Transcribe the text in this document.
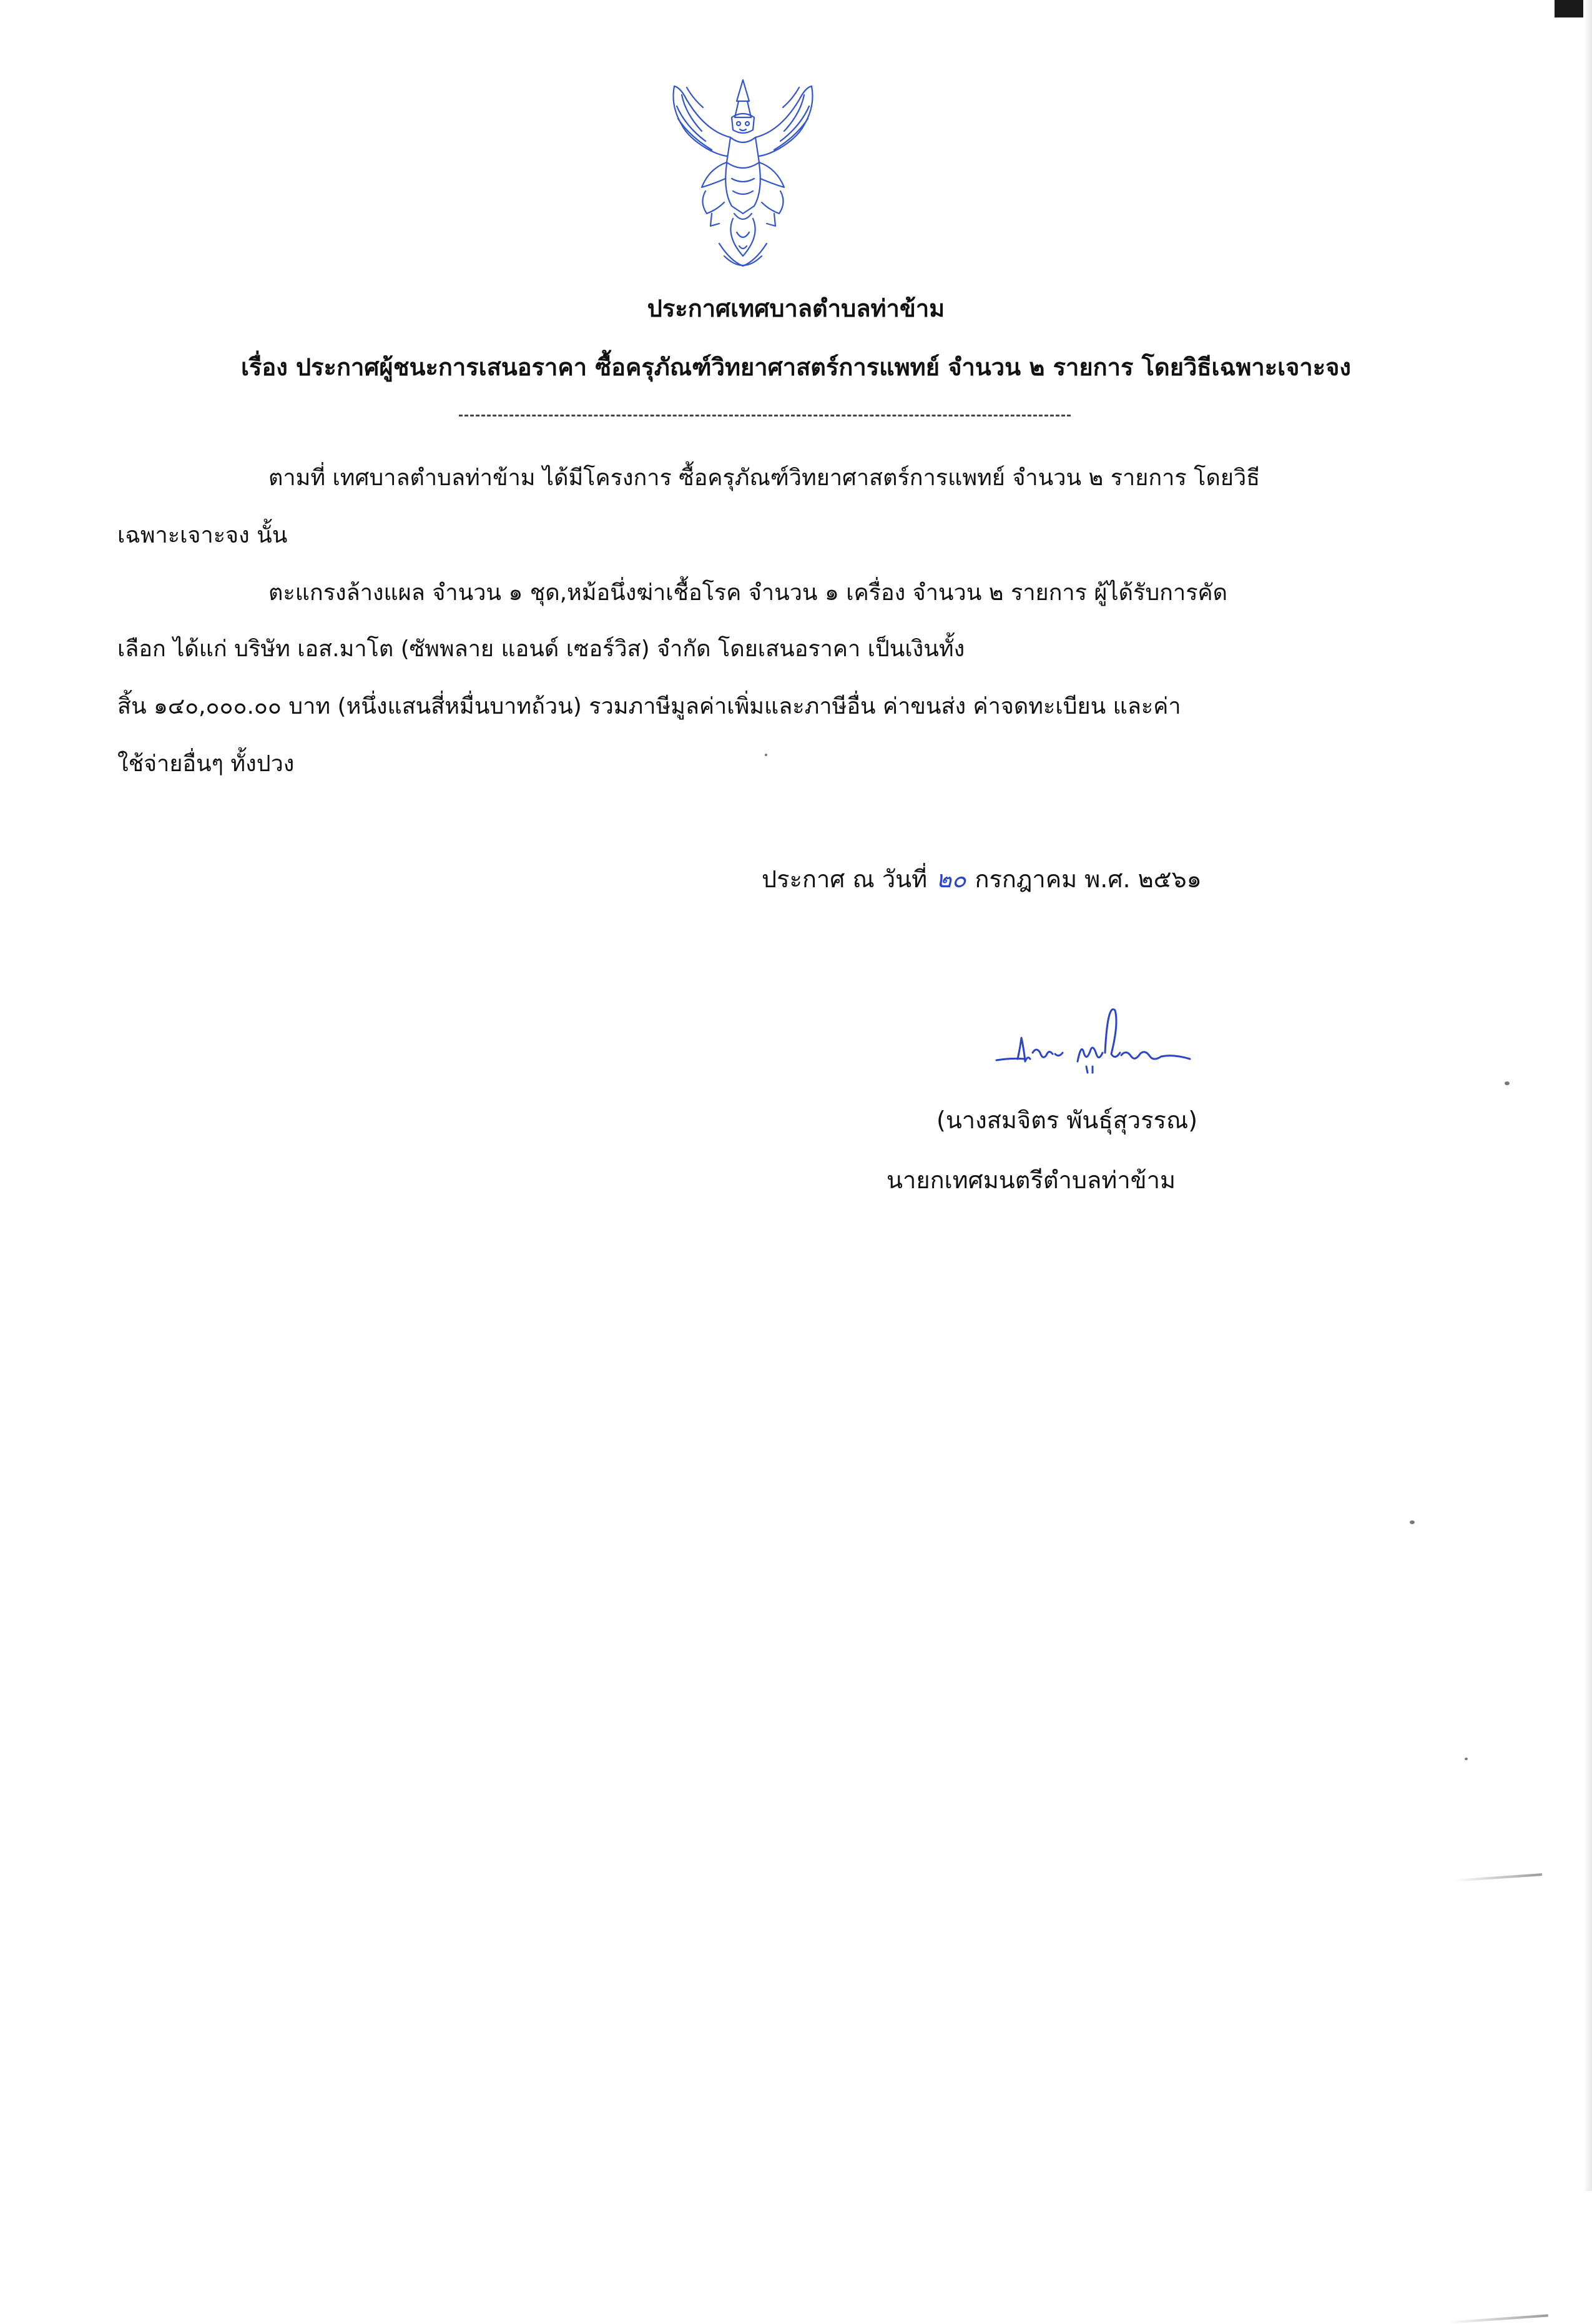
ประกาศเทศบาลตำบลท่าข้าม
เรื่อง ประกาศผู้ชนะการเสนอราคา ซื้อครุภัณฑ์วิทยาศาสตร์การแพทย์ จำนวน ๒ รายการ โดยวิธีเฉพาะเจาะจง
ตามที่ เทศบาลตำบลท่าข้าม ได้มีโครงการ ซื้อครุภัณฑ์วิทยาศาสตร์การแพทย์ จำนวน ๒ รายการ โดยวิธี
เฉพาะเจาะจง นั้น
ตะแกรงล้างแผล จำนวน ๑ ชุด,หม้อนึ่งฆ่าเชื้อโรค จำนวน ๑ เครื่อง จำนวน ๒ รายการ ผู้ได้รับการคัด
เลือก ได้แก่ บริษัท เอส.มาโต (ซัพพลาย แอนด์ เซอร์วิส) จำกัด โดยเสนอราคา เป็นเงินทั้ง
สิ้น ๑๔๐,๐๐๐.๐๐ บาท (หนึ่งแสนสี่หมื่นบาทถ้วน) รวมภาษีมูลค่าเพิ่มและภาษีอื่น ค่าขนส่ง ค่าจดทะเบียน และค่า
ใช้จ่ายอื่นๆ ทั้งปวง
ประกาศ ณ วันที่ ๒๐ กรกฎาคม พ.ศ. ๒๕๖๑
(นางสมจิตร พันธุ์สุวรรณ)
นายกเทศมนตรีตำบลท่าข้าม
